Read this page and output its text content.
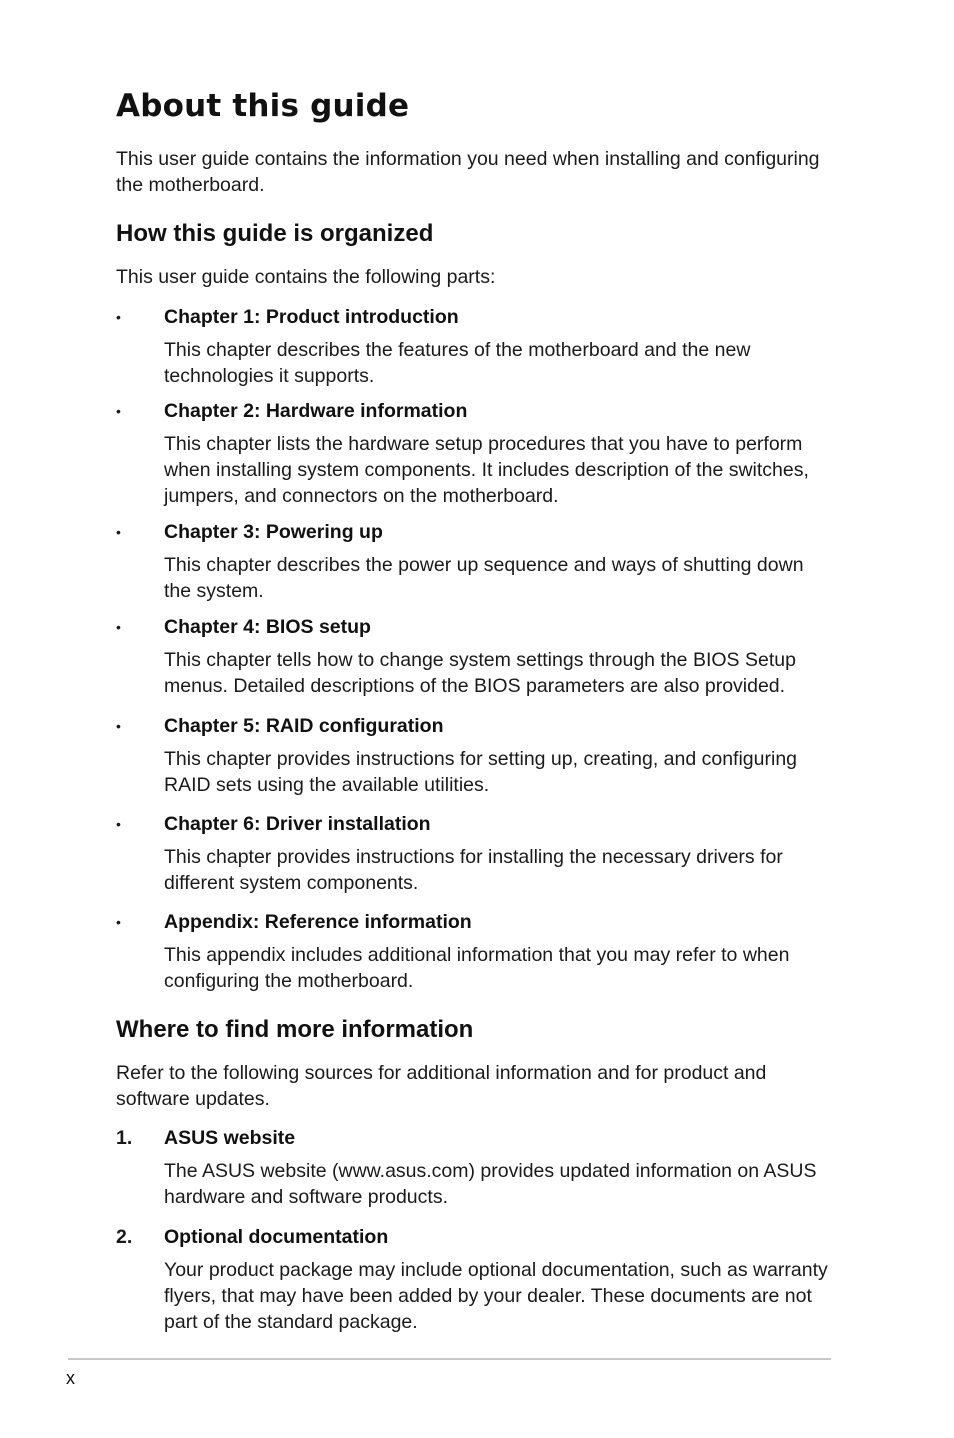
About this guide

This user guide contains the information you need when installing and configuring the motherboard.

How this guide is organized

This user guide contains the following parts:

•	Chapter 1: Product introduction

This chapter describes the features of the motherboard and the new technologies it supports.

•	Chapter 2: Hardware information

This chapter lists the hardware setup procedures that you have to perform when installing system components. It includes description of the switches, jumpers, and connectors on the motherboard.

•	Chapter 3: Powering up

This chapter describes the power up sequence and ways of shutting down the system.

•	Chapter 4: BIOS setup

This chapter tells how to change system settings through the BIOS Setup menus. Detailed descriptions of the BIOS parameters are also provided.

•	Chapter 5: RAID configuration

This chapter provides instructions for setting up, creating, and configuring RAID sets using the available utilities.

•	Chapter 6: Driver installation

This chapter provides instructions for installing the necessary drivers for different system components.

•	Appendix: Reference information

This appendix includes additional information that you may refer to when configuring the motherboard.

Where to find more information

Refer to the following sources for additional information and for product and software updates.

1.	ASUS website

The ASUS website (www.asus.com) provides updated information on ASUS hardware and software products.

2.	Optional documentation

Your product package may include optional documentation, such as warranty flyers, that may have been added by your dealer. These documents are not part of the standard package.

x
